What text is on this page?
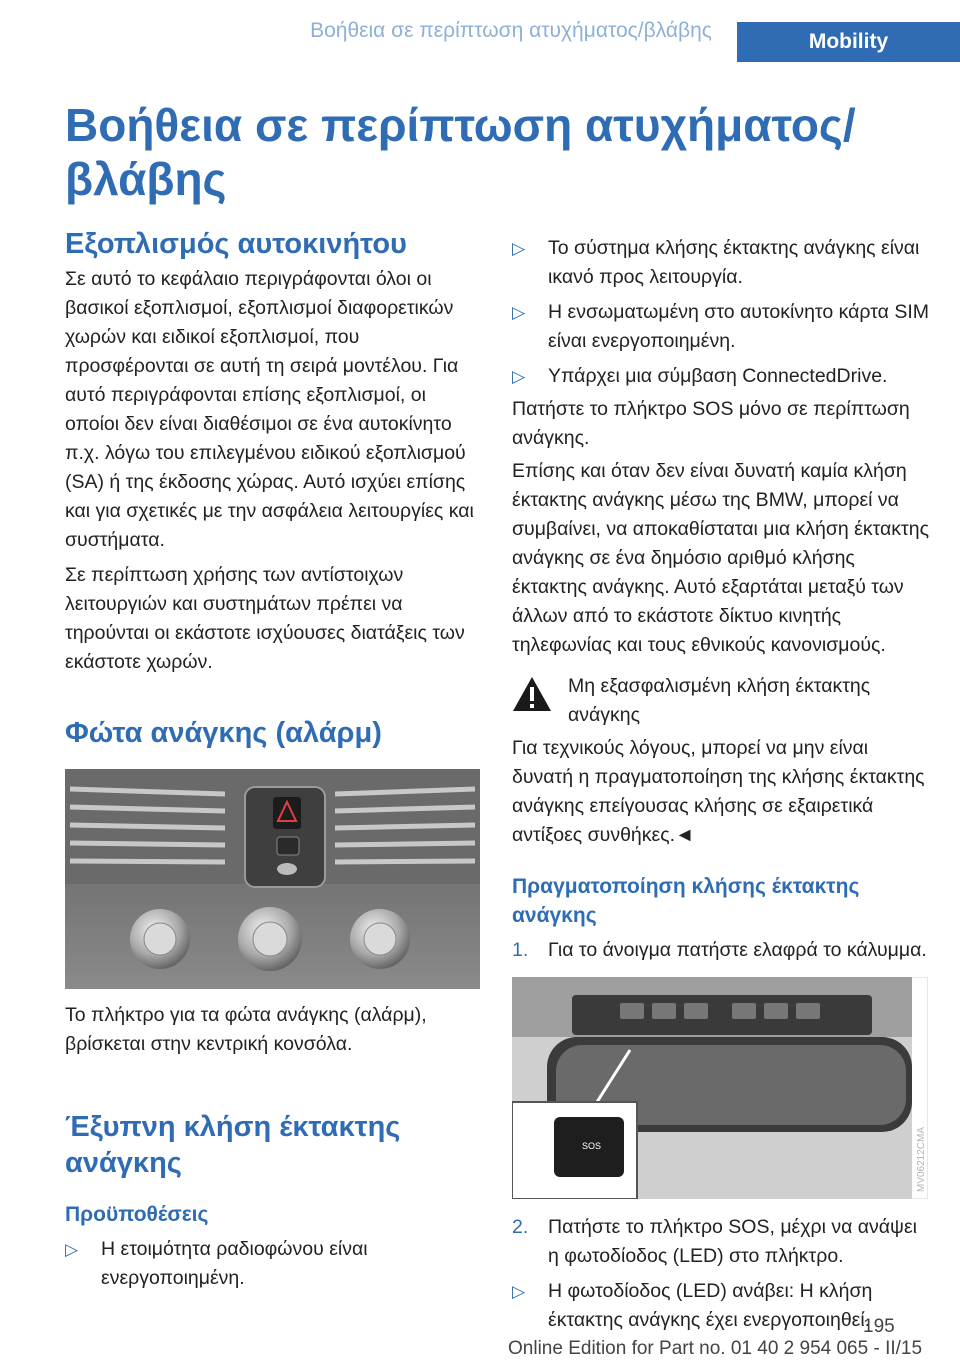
Βοήθεια σε περίπτωση ατυχήματος/βλάβης	Mobility
Βοήθεια σε περίπτωση ατυχήματος/βλάβης
Εξοπλισμός αυτοκινήτου

Σε αυτό το κεφάλαιο περιγράφονται όλοι οι βασικοί εξοπλισμοί, εξοπλισμοί διαφορετικών χωρών και ειδικοί εξοπλισμοί, που προσφέρονται σε αυτή τη σειρά μοντέλου. Για αυτό περιγράφονται επίσης εξοπλισμοί, οι οποίοι δεν είναι διαθέσιμοι σε ένα αυτοκίνητο π.χ. λόγω του επιλεγμένου ειδικού εξοπλισμού (SA) ή της έκδοσης χώρας. Αυτό ισχύει επίσης και για σχετικές με την ασφάλεια λειτουργίες και συστήματα.

Σε περίπτωση χρήσης των αντίστοιχων λειτουργιών και συστημάτων πρέπει να τηρούνται οι εκάστοτε ισχύουσες διατάξεις των εκάστοτε χωρών.

Φώτα ανάγκης (αλάρμ)

Το πλήκτρο για τα φώτα ανάγκης (αλάρμ), βρίσκεται στην κεντρική κονσόλα.

Έξυπνη κλήση έκτακτης ανάγκης
Προϋποθέσεις
▷ Η ετοιμότητα ραδιοφώνου είναι ενεργοποιημένη.
▷ Το σύστημα κλήσης έκτακτης ανάγκης είναι ικανό προς λειτουργία.
▷ Η ενσωματωμένη στο αυτοκίνητο κάρτα SIM είναι ενεργοποιημένη.
▷ Υπάρχει μια σύμβαση ConnectedDrive.

Πατήστε το πλήκτρο SOS μόνο σε περίπτωση ανάγκης.

Επίσης και όταν δεν είναι δυνατή καμία κλήση έκτακτης ανάγκης μέσω της BMW, μπορεί να συμβαίνει, να αποκαθίσταται μια κλήση έκτακτης ανάγκης σε ένα δημόσιο αριθμό κλήσης έκτακτης ανάγκης. Αυτό εξαρτάται μεταξύ των άλλων από το εκάστοτε δίκτυο κινητής τηλεφωνίας και τους εθνικούς κανονισμούς.

Μη εξασφαλισμένη κλήση έκτακτης ανάγκης

Για τεχνικούς λόγους, μπορεί να μην είναι δυνατή η πραγματοποίηση της κλήσης έκτακτης ανάγκης επείγουσας κλήσης σε εξαιρετικά αντίξοες συνθήκες.◄

Πραγματοποίηση κλήσης έκτακτης ανάγκης
1. Για το άνοιγμα πατήστε ελαφρά το κάλυμμα.
SOS	MV06212CMA
2. Πατήστε το πλήκτρο SOS, μέχρι να ανάψει η φωτοδίοδος (LED) στο πλήκτρο.
▷ Η φωτοδίοδος (LED) ανάβει: Η κλήση έκτακτης ανάγκης έχει ενεργοποιηθεί.
195
Online Edition for Part no. 01 40 2 954 065 - II/15
